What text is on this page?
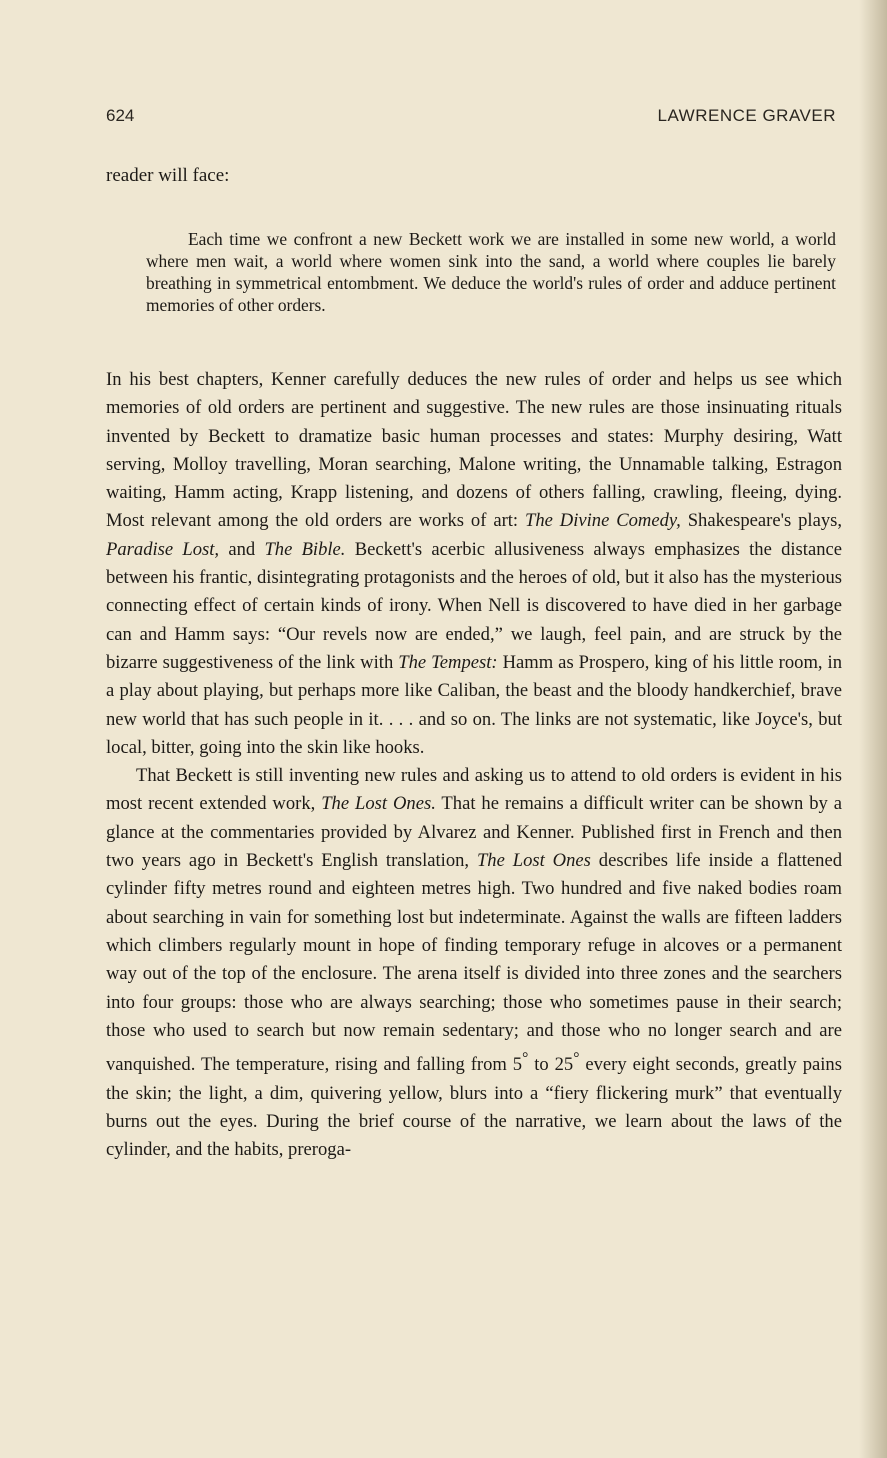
624	LAWRENCE GRAVER
reader will face:

Each time we confront a new Beckett work we are installed in some new world, a world where men wait, a world where women sink into the sand, a world where couples lie barely breathing in symmetrical entombment. We deduce the world's rules of order and adduce pertinent memories of other orders.

In his best chapters, Kenner carefully deduces the new rules of order and helps us see which memories of old orders are pertinent and suggestive. The new rules are those insinuating rituals invented by Beckett to dramatize basic human processes and states: Murphy desiring, Watt serving, Molloy travelling, Moran searching, Malone writing, the Unnamable talking, Estragon waiting, Hamm acting, Krapp listening, and dozens of others falling, crawling, fleeing, dying. Most relevant among the old orders are works of art: The Divine Comedy, Shakespeare's plays, Paradise Lost, and The Bible. Beckett's acerbic allusiveness always emphasizes the distance between his frantic, disintegrating protagonists and the heroes of old, but it also has the mysterious connecting effect of certain kinds of irony. When Nell is discovered to have died in her garbage can and Hamm says: “Our revels now are ended,” we laugh, feel pain, and are struck by the bizarre suggestiveness of the link with The Tempest: Hamm as Prospero, king of his little room, in a play about playing, but perhaps more like Caliban, the beast and the bloody handkerchief, brave new world that has such people in it. . . . and so on. The links are not systematic, like Joyce's, but local, bitter, going into the skin like hooks.

That Beckett is still inventing new rules and asking us to attend to old orders is evident in his most recent extended work, The Lost Ones. That he remains a difficult writer can be shown by a glance at the commentaries provided by Alvarez and Kenner. Published first in French and then two years ago in Beckett's English translation, The Lost Ones describes life inside a flattened cylinder fifty metres round and eighteen metres high. Two hundred and five naked bodies roam about searching in vain for something lost but indeterminate. Against the walls are fifteen ladders which climbers regularly mount in hope of finding temporary refuge in alcoves or a permanent way out of the top of the enclosure. The arena itself is divided into three zones and the searchers into four groups: those who are always searching; those who sometimes pause in their search; those who used to search but now remain sedentary; and those who no longer search and are vanquished. The temperature, rising and falling from 5° to 25° every eight seconds, greatly pains the skin; the light, a dim, quivering yellow, blurs into a “fiery flickering murk” that eventually burns out the eyes. During the brief course of the narrative, we learn about the laws of the cylinder, and the habits, preroga-
